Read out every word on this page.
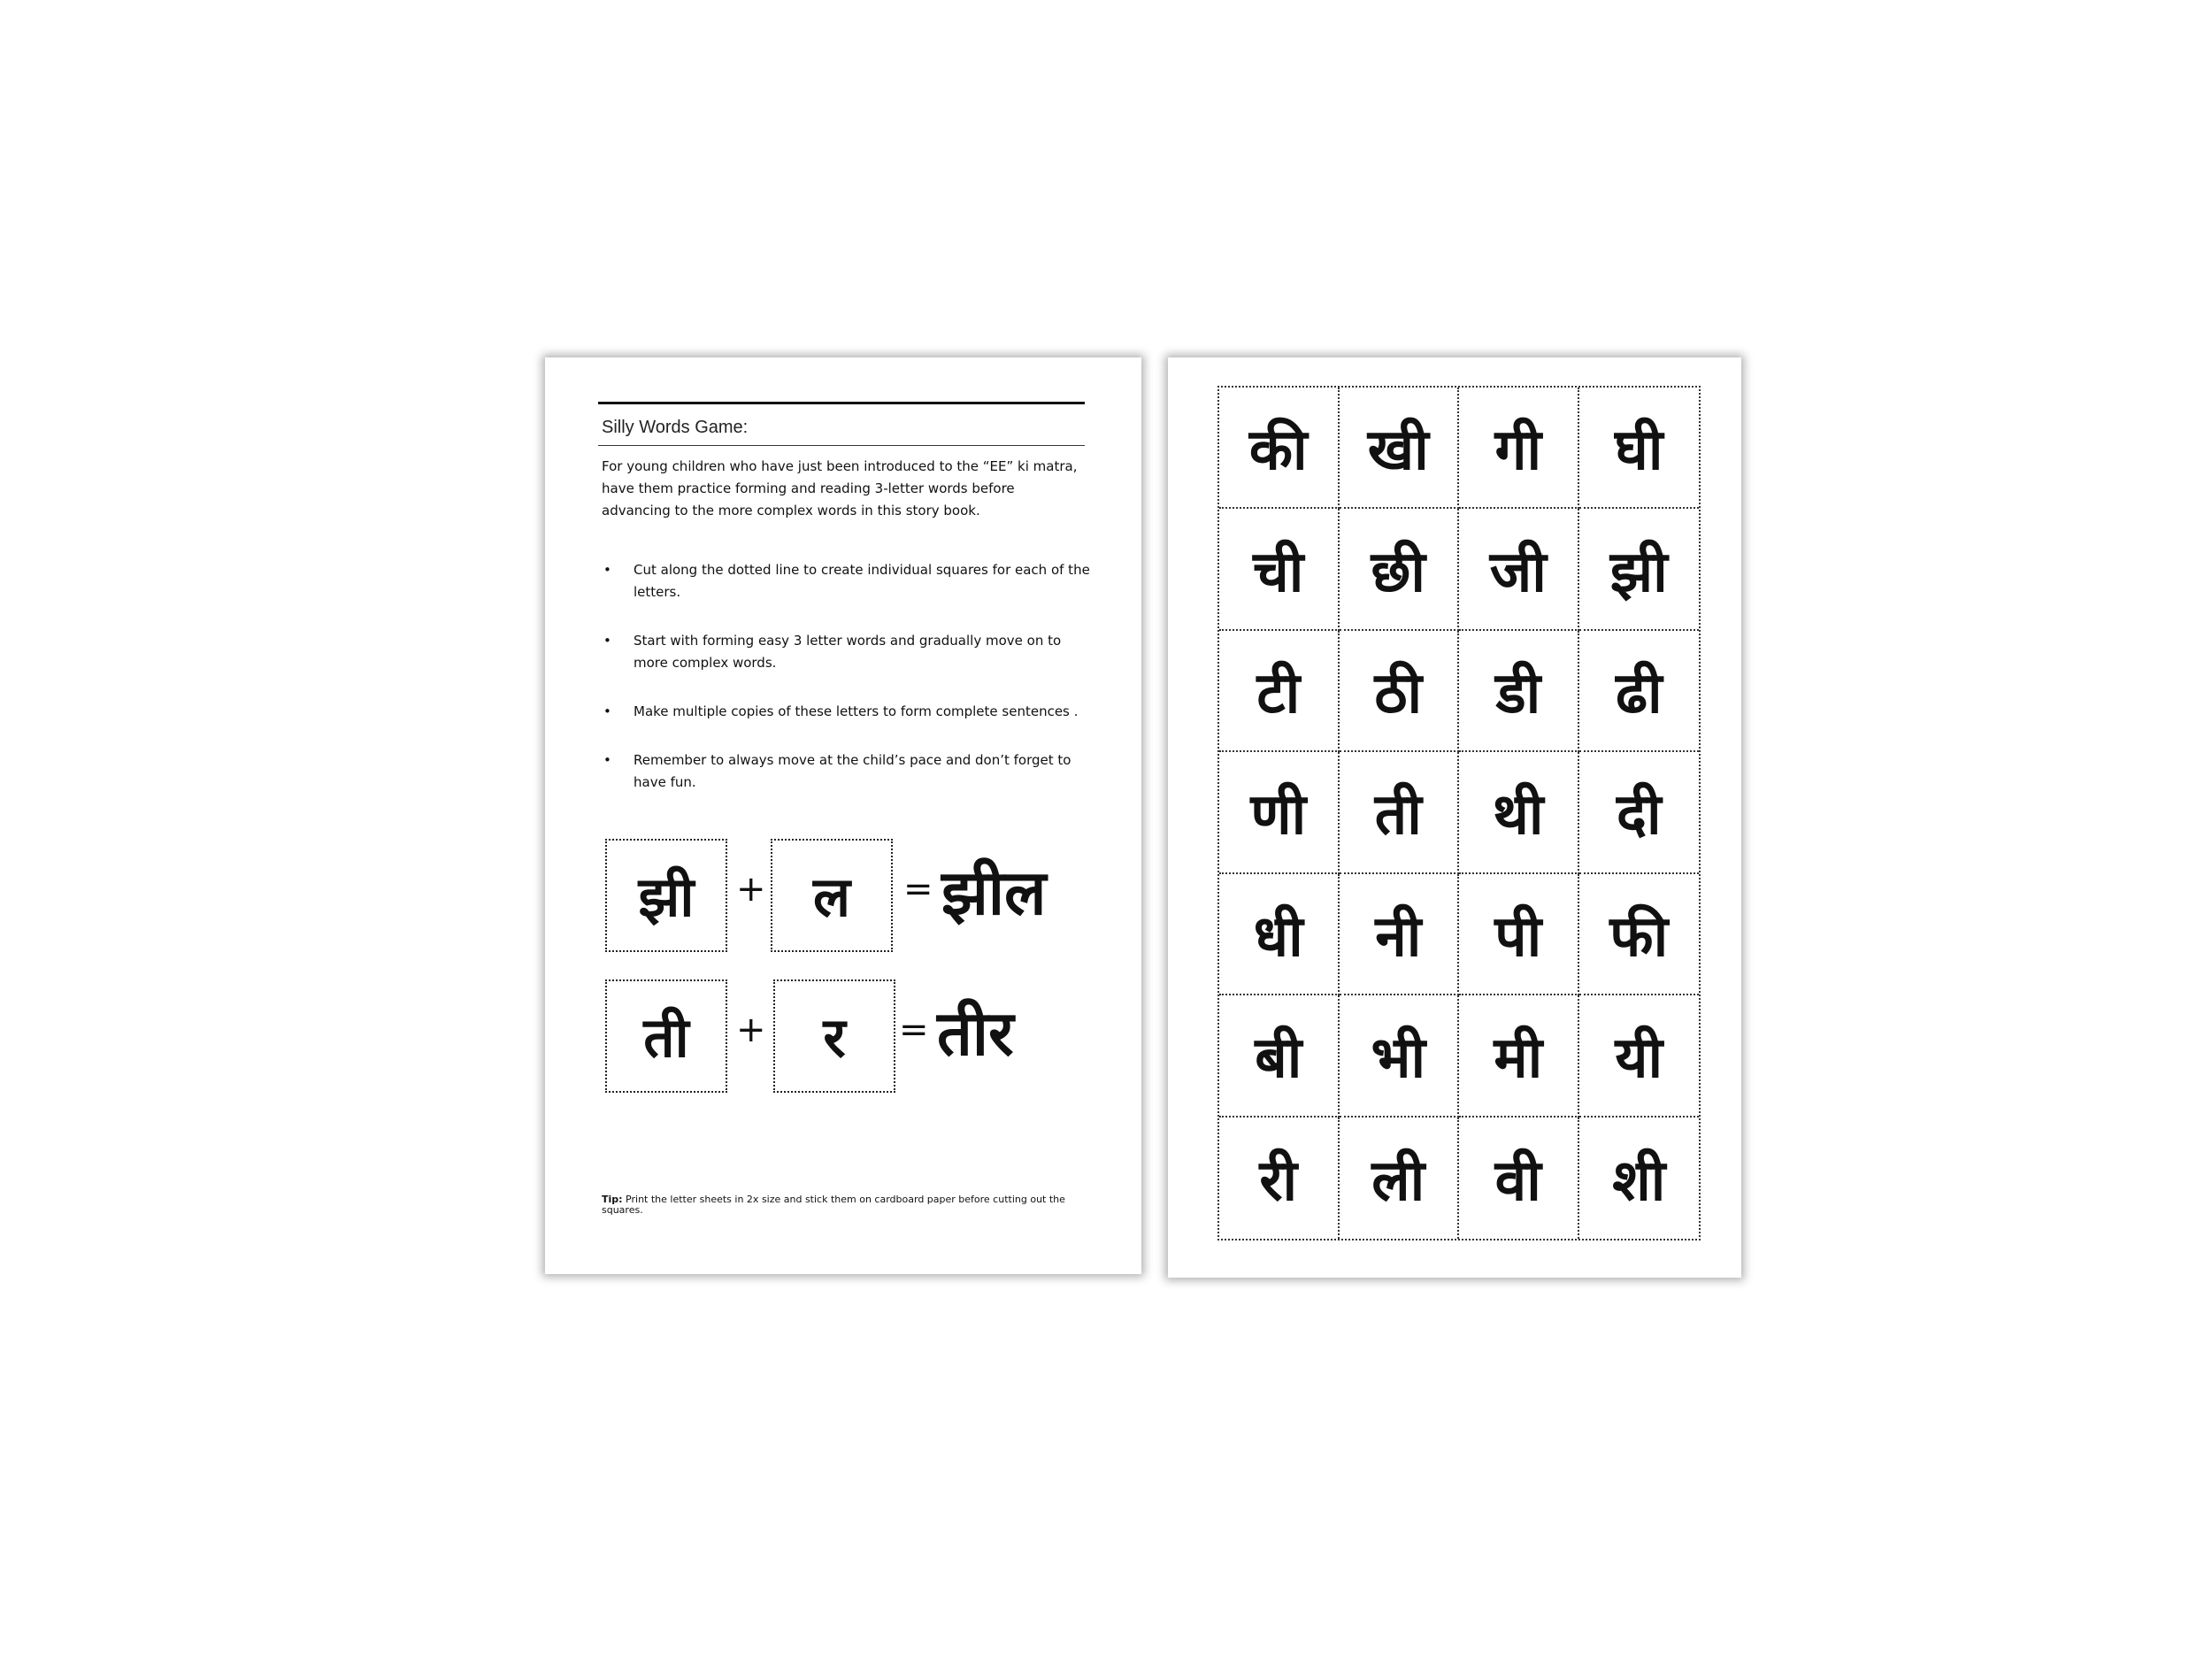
Silly Words Game:
For young children who have just been introduced to the “EE” ki matra, have them practice forming and reading 3-letter words before advancing to the more complex words in this story book.
• Cut along the dotted line to create individual squares for each of the letters.
• Start with forming easy 3 letter words and gradually move on to more complex words.
• Make multiple copies of these letters to form complete sentences .
• Remember to always move at the child’s pace and don’t forget to have fun.
झी	+ ल	= झील
ती	+	र	= तीर
Tip: Print the letter sheets in 2x size and stick them on cardboard paper before cutting out the squares.
की	खी	गी	घी
ची	छी	जी	झी
टी	ठी	डी	ढी
णी	ती	थी	दी
धी	नी	पी	फी
बी	भी	मी	यी
री	ली	वी	शी
